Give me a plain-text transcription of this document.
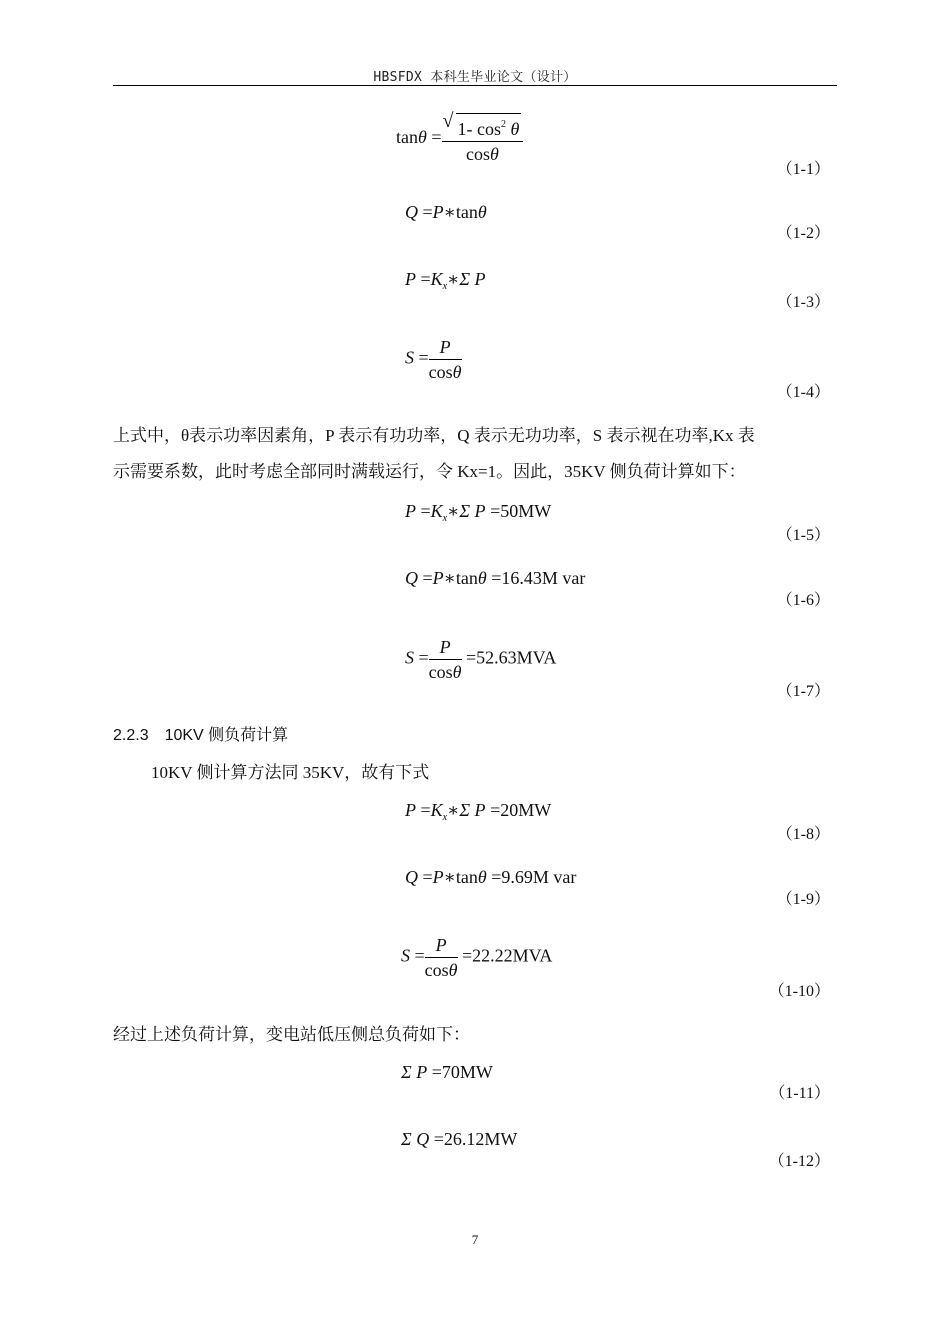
HBSFDX 本科生毕业论文（设计）
tanθ =
√ $\frac{1- \cos^2 \theta}{\cos\theta}$
（1-1）
Q =P∗tanθ
（1-2）
$P =K_x∗\Sigma$ P
（1-3）
$S = \frac{P}{\cos\theta}$
（1-4）
上式中，θ表示功率因素角，P 表示有功功率，Q 表示无功功率，S 表示视在功率,Kx 表
示需要系数，此时考虑全部同时满载运行，令 Kx=1。因此，35KV 侧负荷计算如下：
$P =K_x∗\Sigma$ P =50MW
（1-5）
Q =P∗tanθ =16.43M var
（1-6）
$S = \frac{P}{\cos\theta} =52.63MVA$
（1-7）
2.2.3　10KV 侧负荷计算
10KV 侧计算方法同 35KV，故有下式
$P =K_x∗\Sigma$ P =20MW
（1-8）
Q =P∗tanθ =9.69M var
（1-9）
$S = \frac{P}{\cos\theta} =22.22MVA$
（1-10）
经过上述负荷计算，变电站低压侧总负荷如下：
Σ P =70MW
（1-11）
Σ Q =26.12MW
（1-12）
7
